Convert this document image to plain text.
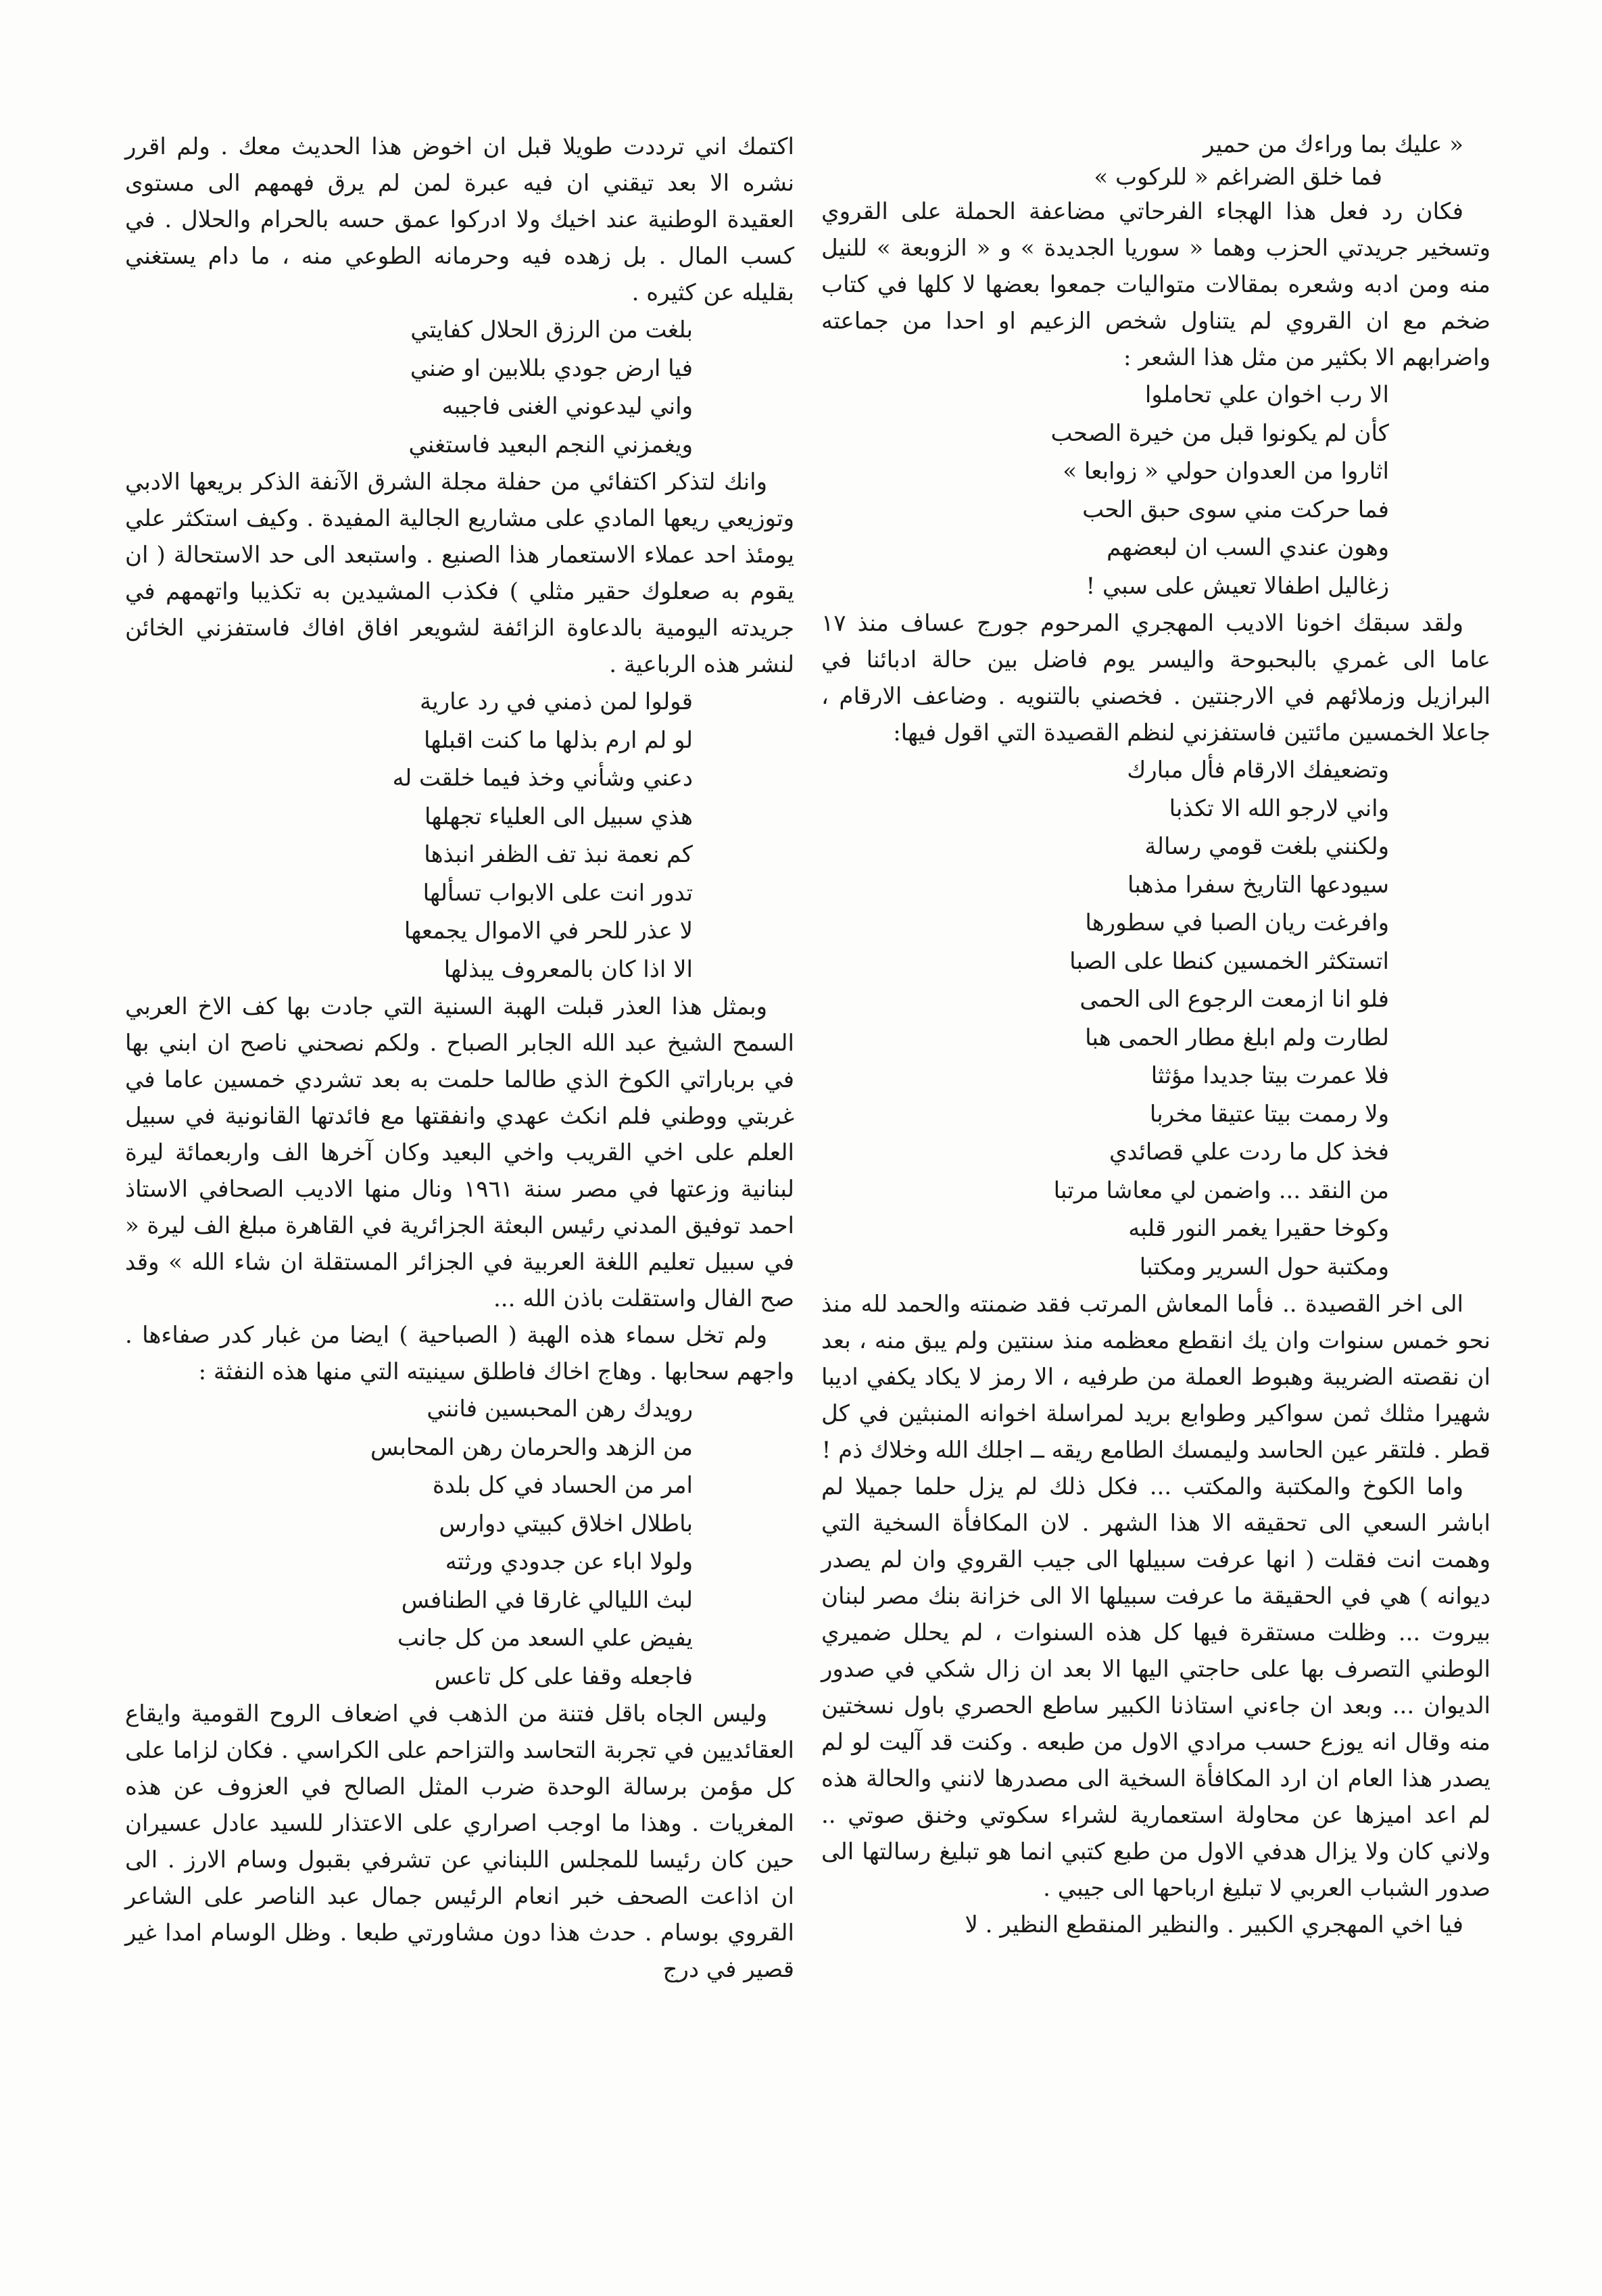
« عليك بما وراءك من حمير
فما خلق الضراغم « للركوب »

فكان رد فعل هذا الهجاء الفرحاتي مضاعفة الحملة على القروي وتسخير جريدتي الحزب وهما « سوريا الجديدة » و « الزوبعة » للنيل منه ومن ادبه وشعره بمقالات متواليات جمعوا بعضها لا كلها في كتاب ضخم مع ان القروي لم يتناول شخص الزعيم او احدا من جماعته واضرابهم الا بكثير من مثل هذا الشعر :

الا رب اخوان علي تحاملوا
كأن لم يكونوا قبل من خيرة الصحب
اثاروا من العدوان حولي « زوابعا »
فما حركت مني سوى حبق الحب
وهون عندي السب ان لبعضهم
زغاليل اطفالا تعيش على سبي !

ولقد سبقك اخونا الاديب المهجري المرحوم جورج عساف منذ ١٧ عاما الى غمري بالبحبوحة واليسر يوم فاضل بين حالة ادبائنا في البرازيل وزملائهم في الارجنتين . فخصني بالتنويه . وضاعف الارقام ، جاعلا الخمسين مائتين فاستفزني لنظم القصيدة التي اقول فيها:

وتضعيفك الارقام فأل مبارك
واني لارجو الله الا تكذبا
ولكنني بلغت قومي رسالة
سيودعها التاريخ سفرا مذهبا
وافرغت ريان الصبا في سطورها
اتستكثر الخمسين كنطا على الصبا
فلو انا ازمعت الرجوع الى الحمى
لطارت ولم ابلغ مطار الحمى هبا
فلا عمرت بيتا جديدا مؤثثا
ولا رممت بيتا عتيقا مخربا
فخذ كل ما ردت علي قصائدي
من النقد ... واضمن لي معاشا مرتبا
وكوخا حقيرا يغمر النور قلبه
ومكتبة حول السرير ومكتبا

الى اخر القصيدة .. فأما المعاش المرتب فقد ضمنته والحمد لله منذ نحو خمس سنوات وان يك انقطع معظمه منذ سنتين ولم يبق منه ، بعد ان نقصته الضريبة وهبوط العملة من طرفيه ، الا رمز لا يكاد يكفي اديبا شهيرا مثلك ثمن سواكير وطوابع بريد لمراسلة اخوانه المنبثين في كل قطر . فلتقر عين الحاسد وليمسك الطامع ريقه ــ اجلك الله وخلاك ذم !

واما الكوخ والمكتبة والمكتب ... فكل ذلك لم يزل حلما جميلا لم اباشر السعي الى تحقيقه الا هذا الشهر . لان المكافأة السخية التي وهمت انت فقلت ( انها عرفت سبيلها الى جيب القروي وان لم يصدر ديوانه ) هي في الحقيقة ما عرفت سبيلها الا الى خزانة بنك مصر لبنان بيروت ... وظلت مستقرة فيها كل هذه السنوات ، لم يحلل ضميري الوطني التصرف بها على حاجتي اليها الا بعد ان زال شكي في صدور الديوان ... وبعد ان جاءني استاذنا الكبير ساطع الحصري باول نسختين منه وقال انه يوزع حسب مرادي الاول من طبعه . وكنت قد آليت لو لم يصدر هذا العام ان ارد المكافأة السخية الى مصدرها لانني والحالة هذه لم اعد اميزها عن محاولة استعمارية لشراء سكوتي وخنق صوتي .. ولاني كان ولا يزال هدفي الاول من طبع كتبي انما هو تبليغ رسالتها الى صدور الشباب العربي لا تبليغ ارباحها الى جيبي .

فيا اخي المهجري الكبير . والنظير المنقطع النظير . لا

اكتمك اني ترددت طويلا قبل ان اخوض هذا الحديث معك . ولم اقرر نشره الا بعد تيقني ان فيه عبرة لمن لم يرق فهمهم الى مستوى العقيدة الوطنية عند اخيك ولا ادركوا عمق حسه بالحرام والحلال . في كسب المال . بل زهده فيه وحرمانه الطوعي منه ، ما دام يستغني بقليله عن كثيره .

بلغت من الرزق الحلال كفايتي
فيا ارض جودي بللابين او ضني
واني ليدعوني الغنى فاجيبه
ويغمزني النجم البعيد فاستغني

وانك لتذكر اكتفائي من حفلة مجلة الشرق الآنفة الذكر بريعها الادبي وتوزيعي ريعها المادي على مشاريع الجالية المفيدة . وكيف استكثر علي يومئذ احد عملاء الاستعمار هذا الصنيع . واستبعد الى حد الاستحالة ( ان يقوم به صعلوك حقير مثلي ) فكذب المشيدين به تكذيبا واتهمهم في جريدته اليومية بالدعاوة الزائفة لشويعر افاق افاك فاستفزني الخائن لنشر هذه الرباعية .

قولوا لمن ذمني في رد عارية
لو لم ارم بذلها ما كنت اقبلها
دعني وشأني وخذ فيما خلقت له
هذي سبيل الى العلياء تجهلها
كم نعمة نبذ تف الظفر انبذها
تدور انت على الابواب تسألها
لا عذر للحر في الاموال يجمعها
الا اذا كان بالمعروف يبذلها

وبمثل هذا العذر قبلت الهبة السنية التي جادت بها كف الاخ العربي السمح الشيخ عبد الله الجابر الصباح . ولكم نصحني ناصح ان ابني بها في برباراتي الكوخ الذي طالما حلمت به بعد تشردي خمسين عاما في غربتي ووطني فلم انكث عهدي وانفقتها مع فائدتها القانونية في سبيل العلم على اخي القريب واخي البعيد وكان آخرها الف واربعمائة ليرة لبنانية وزعتها في مصر سنة ١٩٦١ ونال منها الاديب الصحافي الاستاذ احمد توفيق المدني رئيس البعثة الجزائرية في القاهرة مبلغ الف ليرة « في سبيل تعليم اللغة العربية في الجزائر المستقلة ان شاء الله » وقد صح الفال واستقلت باذن الله ...

ولم تخل سماء هذه الهبة ( الصباحية ) ايضا من غبار كدر صفاءها . واجهم سحابها . وهاج اخاك فاطلق سينيته التي منها هذه النفثة :

رويدك رهن المحبسين فانني
من الزهد والحرمان رهن المحابس
امر من الحساد في كل بلدة
باطلال اخلاق كبيتي دوارس
ولولا اباء عن جدودي ورثته
لبث الليالي غارقا في الطنافس
يفيض علي السعد من كل جانب
فاجعله وقفا على كل تاعس

وليس الجاه باقل فتنة من الذهب في اضعاف الروح القومية وايقاع العقائديين في تجربة التحاسد والتزاحم على الكراسي . فكان لزاما على كل مؤمن برسالة الوحدة ضرب المثل الصالح في العزوف عن هذه المغريات . وهذا ما اوجب اصراري على الاعتذار للسيد عادل عسيران حين كان رئيسا للمجلس اللبناني عن تشرفي بقبول وسام الارز . الى ان اذاعت الصحف خبر انعام الرئيس جمال عبد الناصر على الشاعر القروي بوسام . حدث هذا دون مشاورتي طبعا . وظل الوسام امدا غير قصير في درج
